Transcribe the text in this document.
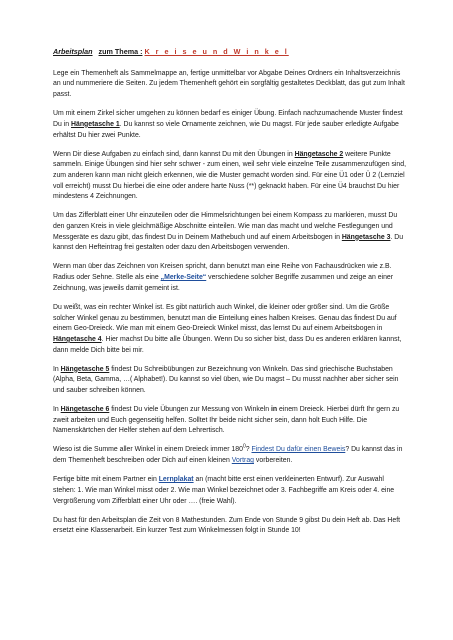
Arbeitsplan zum Thema : K r e i s e u n d W i n k e l

Lege ein Themenheft als Sammelmappe an, fertige unmittelbar vor Abgabe Deines Ordners ein Inhaltsverzeichnis an und nummeriere die Seiten. Zu jedem Themenheft gehört ein sorgfältig gestaltetes Deckblatt, das gut zum Inhalt passt.

Um mit einem Zirkel sicher umgehen zu können bedarf es einiger Übung. Einfach nachzumachende Muster findest Du in Hängetasche 1. Du kannst so viele Ornamente zeichnen, wie Du magst. Für jede sauber erledigte Aufgabe erhältst Du hier zwei Punkte.

Wenn Dir diese Aufgaben zu einfach sind, dann kannst Du mit den Übungen in Hängetasche 2 weitere Punkte sammeln. Einige Übungen sind hier sehr schwer - zum einen, weil sehr viele einzelne Teile zusammenzufügen sind, zum anderen kann man nicht gleich erkennen, wie die Muster gemacht worden sind. Für eine Ü1 oder Ü 2 (Lernziel voll erreicht) musst Du hierbei die eine oder andere harte Nuss (**) geknackt haben. Für eine Ü4 brauchst Du hier mindestens 4 Zeichnungen.

Um das Zifferblatt einer Uhr einzuteilen oder die Himmelsrichtungen bei einem Kompass zu markieren, musst Du den ganzen Kreis in viele gleichmäßige Abschnitte einteilen. Wie man das macht und welche Festlegungen und Messgeräte es dazu gibt, das findest Du in Deinem Mathebuch und auf einem Arbeitsbogen in Hängetasche 3. Du kannst den Hefteintrag frei gestalten oder dazu den Arbeitsbogen verwenden.

Wenn man über das Zeichnen von Kreisen spricht, dann benutzt man eine Reihe von Fachausdrücken wie z.B. Radius oder Sehne. Stelle als eine „Merke-Seite“ verschiedene solcher Begriffe zusammen und zeige an einer Zeichnung, was jeweils damit gemeint ist.

Du weißt, was ein rechter Winkel ist. Es gibt natürlich auch Winkel, die kleiner oder größer sind. Um die Größe solcher Winkel genau zu bestimmen, benutzt man die Einteilung eines halben Kreises. Genau das findest Du auf einem Geo-Dreieck. Wie man mit einem Geo-Dreieck Winkel misst, das lernst Du auf einem Arbeitsbogen in Hängetasche 4. Hier machst Du bitte alle Übungen. Wenn Du so sicher bist, dass Du es anderen erklären kannst, dann melde Dich bitte bei mir.

In Hängetasche 5 findest Du Schreibübungen zur Bezeichnung von Winkeln. Das sind griechische Buchstaben (Alpha, Beta, Gamma, …( Alphabet!). Du kannst so viel üben, wie Du magst – Du musst nachher aber sicher sein und sauber schreiben können.

In Hängetasche 6 findest Du viele Übungen zur Messung von Winkeln in einem Dreieck. Hierbei dürft Ihr gern zu zweit arbeiten und Euch gegenseitig helfen. Solltet Ihr beide nicht sicher sein, dann holt Euch Hilfe. Die Namenskärtchen der Helfer stehen auf dem Lehrertisch.

Wieso ist die Summe aller Winkel in einem Dreieck immer $180^0$? Findest Du dafür einen Beweis? Du kannst das in dem Themenheft beschreiben oder Dich auf einen kleinen Vortrag vorbereiten.

Fertige bitte mit einem Partner ein Lernplakat an (macht bitte erst einen verkleinerten Entwurf). Zur Auswahl stehen: 1. Wie man Winkel misst oder 2. Wie man Winkel bezeichnet oder 3. Fachbegriffe am Kreis oder 4. eine Vergrößerung vom Zifferblatt einer Uhr oder …. (freie Wahl).

Du hast für den Arbeitsplan die Zeit von 8 Mathestunden. Zum Ende von Stunde 9 gibst Du dein Heft ab. Das Heft ersetzt eine Klassenarbeit. Ein kurzer Test zum Winkelmessen folgt in Stunde 10!
